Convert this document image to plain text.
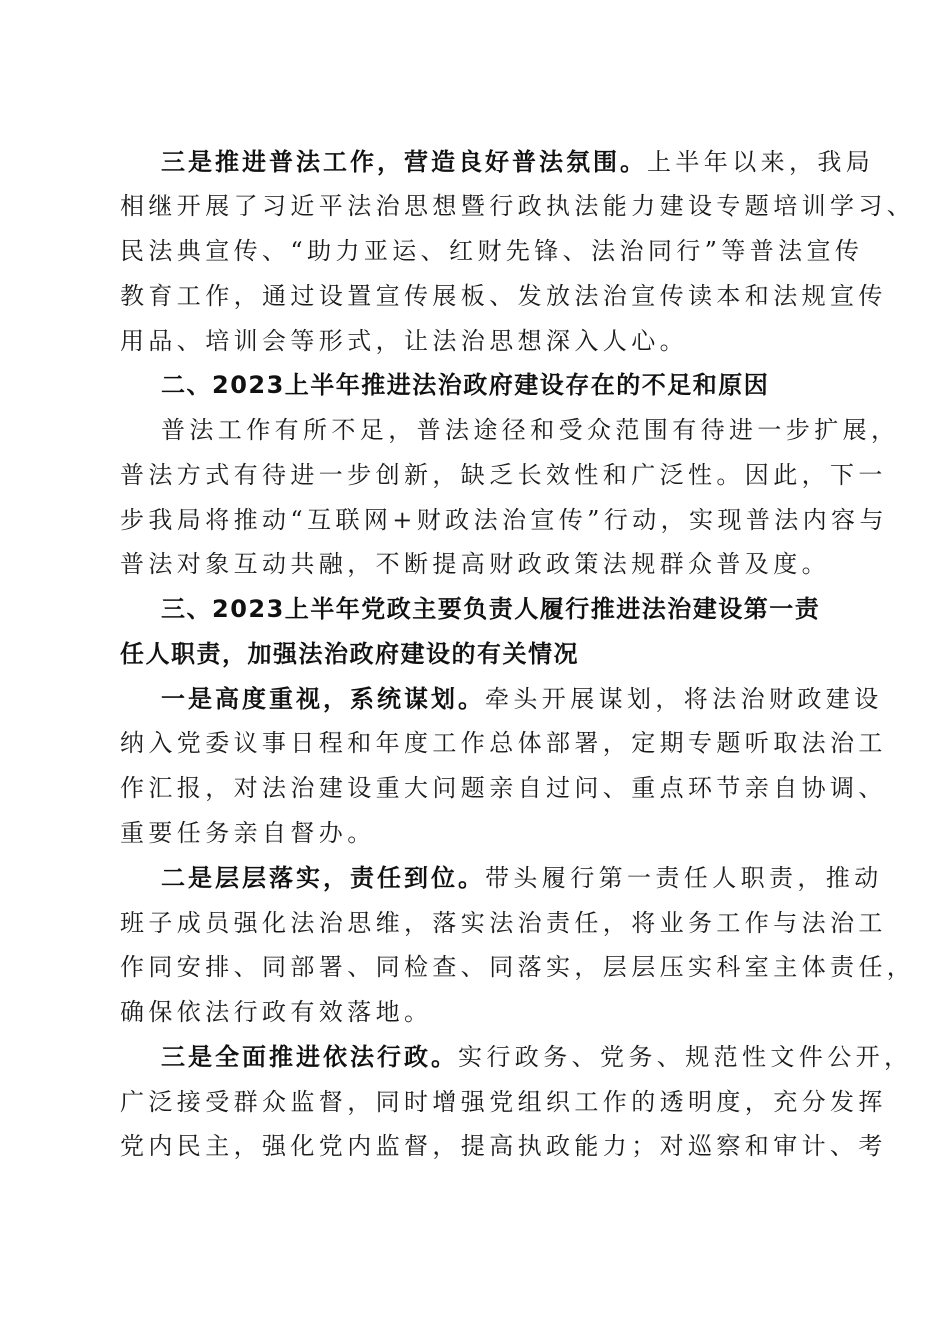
三是推进普法工作，营造良好普法氛围。上半年以来，我局
相继开展了习近平法治思想暨行政执法能力建设专题培训学习、
民法典宣传、“助力亚运、红财先锋、法治同行”等普法宣传
教育工作，通过设置宣传展板、发放法治宣传读本和法规宣传
用品、培训会等形式，让法治思想深入人心。
二、2023上半年推进法治政府建设存在的不足和原因
普法工作有所不足，普法途径和受众范围有待进一步扩展，
普法方式有待进一步创新，缺乏长效性和广泛性。因此，下一
步我局将推动“互联网+财政法治宣传”行动，实现普法内容与
普法对象互动共融，不断提高财政政策法规群众普及度。
三、2023上半年党政主要负责人履行推进法治建设第一责
任人职责，加强法治政府建设的有关情况
一是高度重视，系统谋划。牵头开展谋划，将法治财政建设
纳入党委议事日程和年度工作总体部署，定期专题听取法治工
作汇报，对法治建设重大问题亲自过问、重点环节亲自协调、
重要任务亲自督办。
二是层层落实，责任到位。带头履行第一责任人职责，推动
班子成员强化法治思维，落实法治责任，将业务工作与法治工
作同安排、同部署、同检查、同落实，层层压实科室主体责任，
确保依法行政有效落地。
三是全面推进依法行政。实行政务、党务、规范性文件公开，
广泛接受群众监督，同时增强党组织工作的透明度，充分发挥
党内民主，强化党内监督，提高执政能力；对巡察和审计、考
